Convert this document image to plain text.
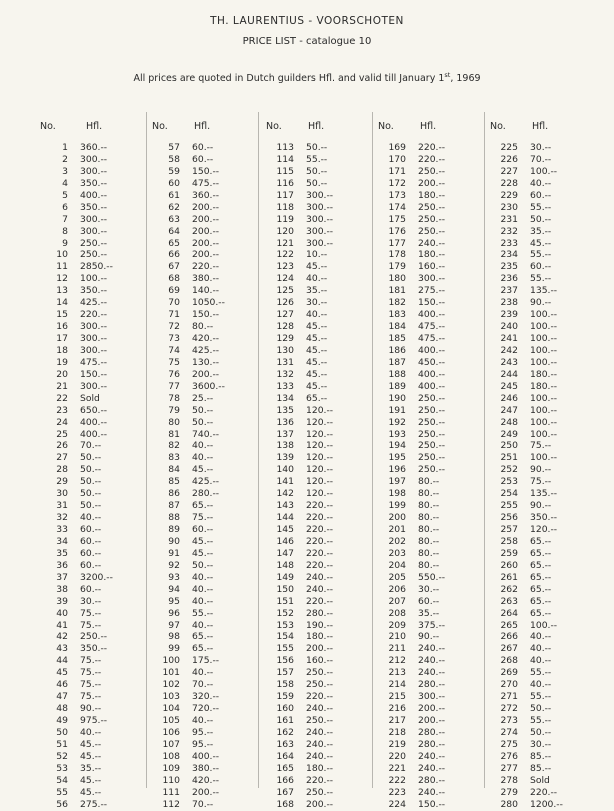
TH. LAURENTIUS - VOORSCHOTEN
PRICE LIST - catalogue 10
All prices are quoted in Dutch guilders Hfl. and valid till January 1st, 1969
No.	Hfl.
1 360.--
2 300.--
3 300.--
4 350.--
5 400.--
6 350.--
7 300.--
8 300.--
9 250.--
10 250.--
11 2850.--
12 100.--
13 350.--
14 425.--
15 220.--
16 300.--
17 300.--
18 300.--
19 475.--
20 150.--
21 300.--
22 Sold
23 650.--
24 400.--
25 400.--
26 70.--
27 50.--
28 50.--
29 50.--
30 50.--
31 50.--
32 40.--
33 60.--
34 60.--
35 60.--
36 60.--
37 3200.--
38 60.--
39 30.--
40 75.--
41 75.--
42 250.--
43 350.--
44 75.--
45 75.--
46 75.--
47 75.--
48 90.--
49 975.--
50 40.--
51 45.--
52 45.--
53 35.--
54 45.--
55 45.--
56 275.--
No.	Hfl.
57 60.--
58 60.--
59 150.--
60 475.--
61 360.--
62 200.--
63 200.--
64 200.--
65 200.--
66 200.--
67 220.--
68 380.--
69 140.--
70 1050.--
71 150.--
72 80.--
73 420.--
74 425.--
75 130.--
76 200.--
77 3600.--
78 25.--
79 50.--
80 50.--
81 740.--
82 40.--
83 40.--
84 45.--
85 425.--
86 280.--
87 65.--
88 75.--
89 60.--
90 45.--
91 45.--
92 50.--
93 40.--
94 40.--
95 40.--
96 55.--
97 40.--
98 65.--
99 65.--
100 175.--
101 40.--
102 70.--
103 320.--
104 720.--
105 40.--
106 95.--
107 95.--
108 400.--
109 380.--
110 420.--
111 200.--
112 70.--
No.	Hfl.
113 50.--
114 55.--
115 50.--
116 50.--
117 300.--
118 300.--
119 300.--
120 300.--
121 300.--
122 10.--
123 45.--
124 40.--
125 35.--
126 30.--
127 40.--
128 45.--
129 45.--
130 45.--
131 45.--
132 45.--
133 45.--
134 65.--
135 120.--
136 120.--
137 120.--
138 120.--
139 120.--
140 120.--
141 120.--
142 120.--
143 220.--
144 220.--
145 220.--
146 220.--
147 220.--
148 220.--
149 240.--
150 240.--
151 220.--
152 280.--
153 190.--
154 180.--
155 200.--
156 160.--
157 250.--
158 250.--
159 220.--
160 240.--
161 250.--
162 240.--
163 240.--
164 240.--
165 180.--
166 220.--
167 250.--
168 200.--
No.	Hfl.
169 220.--
170 220.--
171 250.--
172 200.--
173 180.--
174 250.--
175 250.--
176 250.--
177 240.--
178 180.--
179 160.--
180 300.--
181 275.--
182 150.--
183 400.--
184 475.--
185 475.--
186 400.--
187 450.--
188 400.--
189 400.--
190 250.--
191 250.--
192 250.--
193 250.--
194 250.--
195 250.--
196 250.--
197 80.--
198 80.--
199 80.--
200 80.--
201 80.--
202 80.--
203 80.--
204 80.--
205 550.--
206 30.--
207 60.--
208 35.--
209 375.--
210 90.--
211 240.--
212 240.--
213 240.--
214 280.--
215 300.--
216 200.--
217 200.--
218 280.--
219 280.--
220 240.--
221 240.--
222 280.--
223 240.--
224 150.--
No.	Hfl.
225 30.--
226 70.--
227 100.--
228 40.--
229 60.--
230 55.--
231 50.--
232 35.--
233 45.--
234 55.--
235 60.--
236 55.--
237 135.--
238 90.--
239 100.--
240 100.--
241 100.--
242 100.--
243 100.--
244 180.--
245 180.--
246 100.--
247 100.--
248 100.--
249 100.--
250 75.--
251 100.--
252 90.--
253 75.--
254 135.--
255 90.--
256 350.--
257 120.--
258 65.--
259 65.--
260 65.--
261 65.--
262 65.--
263 65.--
264 65.--
265 100.--
266 40.--
267 40.--
268 40.--
269 55.--
270 40.--
271 55.--
272 50.--
273 55.--
274 50.--
275 30.--
276 85.--
277 85.--
278 Sold
279 220.--
280 1200.--
